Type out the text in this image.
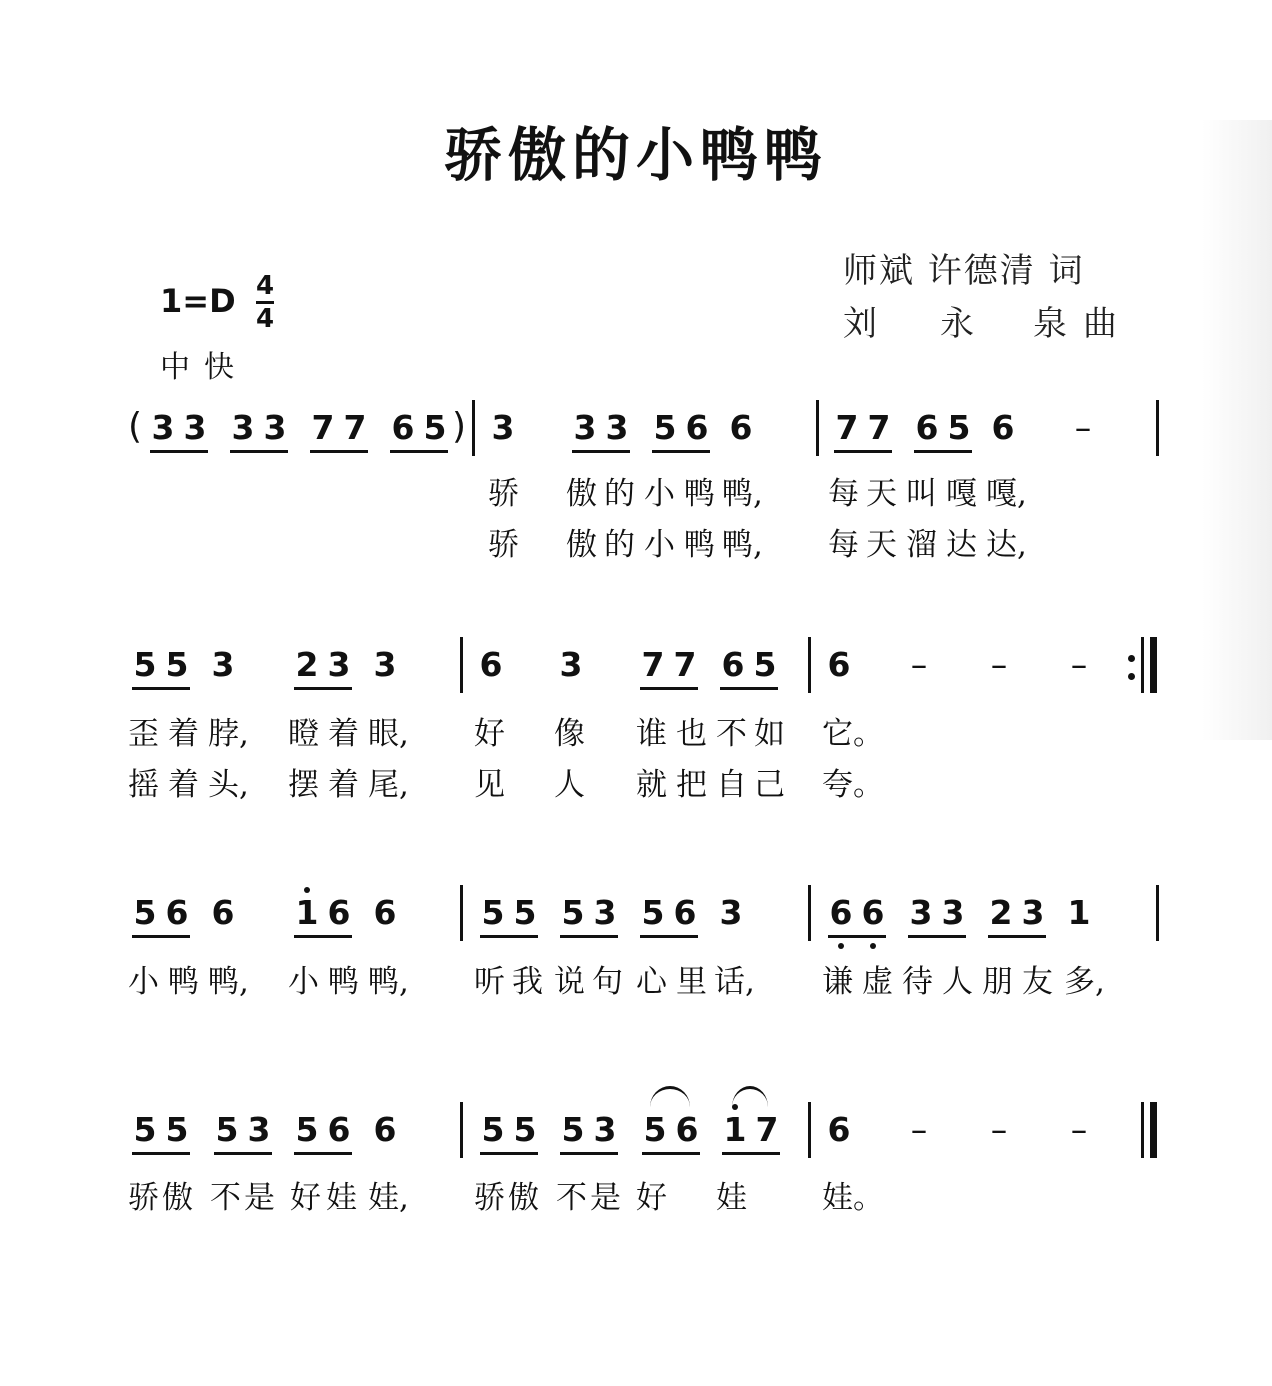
骄傲的小鸭鸭
师斌 许德清 词
刘 永 泉 曲
1=D 4
4
中快
( 3 3 3 3 7 7 6 5 ) 3 3 3 5 6 6	7 7 6 5 6 –
骄 傲 的 小 鸭 鸭, 每 天 叫 嘎 嘎,
骄 傲 的 小 鸭 鸭, 每 天 溜 达 达,
5 5 3 2 3 3	6 3 7 7 6 5 6 – – –
歪 着 脖, 瞪 着 眼, 好 像 谁 也 不 如 它。
摇 着 头, 摆 着 尾, 见 人 就 把 自 己 夸。
5 6 6 1 6 6	5 5 5 3 5 6 3	6 6 3 3 2 3 1
小 鸭 鸭, 小 鸭 鸭, 听 我 说 句 心 里 话, 谦 虚 待 人 朋 友 多,
5 5 5 3 5 6 6	5 5 5 3 5 6 1 7 6 – – –
骄 傲 不 是 好 娃 娃, 骄 傲 不 是 好 娃 娃。
